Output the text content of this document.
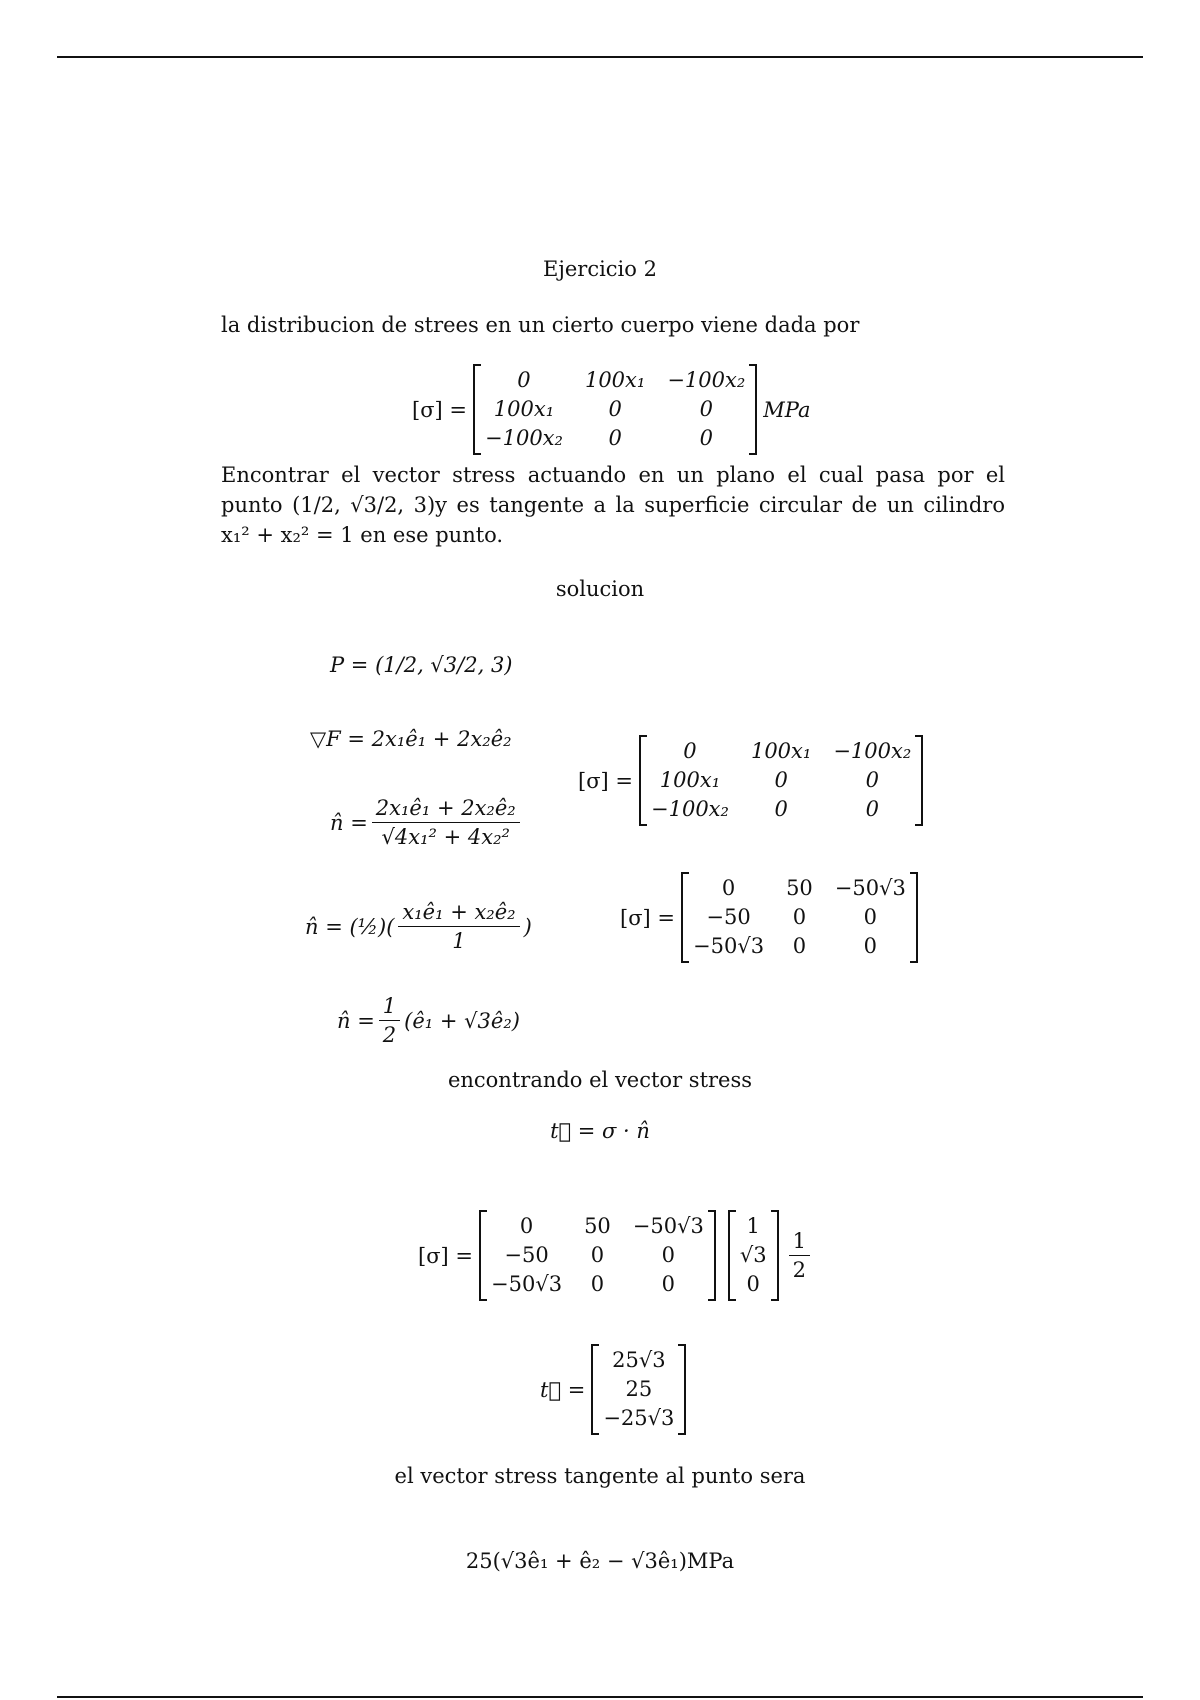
Ejercicio 2
la distribucion de strees en un cierto cuerpo viene dada por
[σ] =
0	100x₁ −100x₂
100x₁	0	0
−100x₂	0	0
MPa
Encontrar el vector stress actuando en un plano el cual pasa por el punto (1/2, √3/2, 3)y es tangente a la superficie circular de un cilindro x₁² + x₂² = 1 en ese punto.
solucion
P = (1/2, √3/2, 3)
▽F = 2x₁ê₁ + 2x₂ê₂
n̂ = $\frac{\text{2x₁ê₁ + 2x₂ê₂}}{\text{√4x₁² + 4x₂²}}$
n̂ = (½)( $\frac{\text{x₁ê₁ + x₂ê₂}}{1}$ )
n̂ = $\frac{1}{2}$ (ê₁ + √3ê₂)
[σ] =
0	100x₁ −100x₂
100x₁	0	0
−100x₂	0	0
[σ] =
0	50 −50√3
−50	0	0
−50√3	0	0
encontrando el vector stress
t⃗ = σ · n̂
[σ] =
0	50 −50√3
−50	0	0
−50√3	0	0
1
√3
0
$\frac{1}{2}$
t⃗ =
25√3
25
−25√3
el vector stress tangente al punto sera
25(√3ê₁ + ê₂ − √3ê₁)MPa
